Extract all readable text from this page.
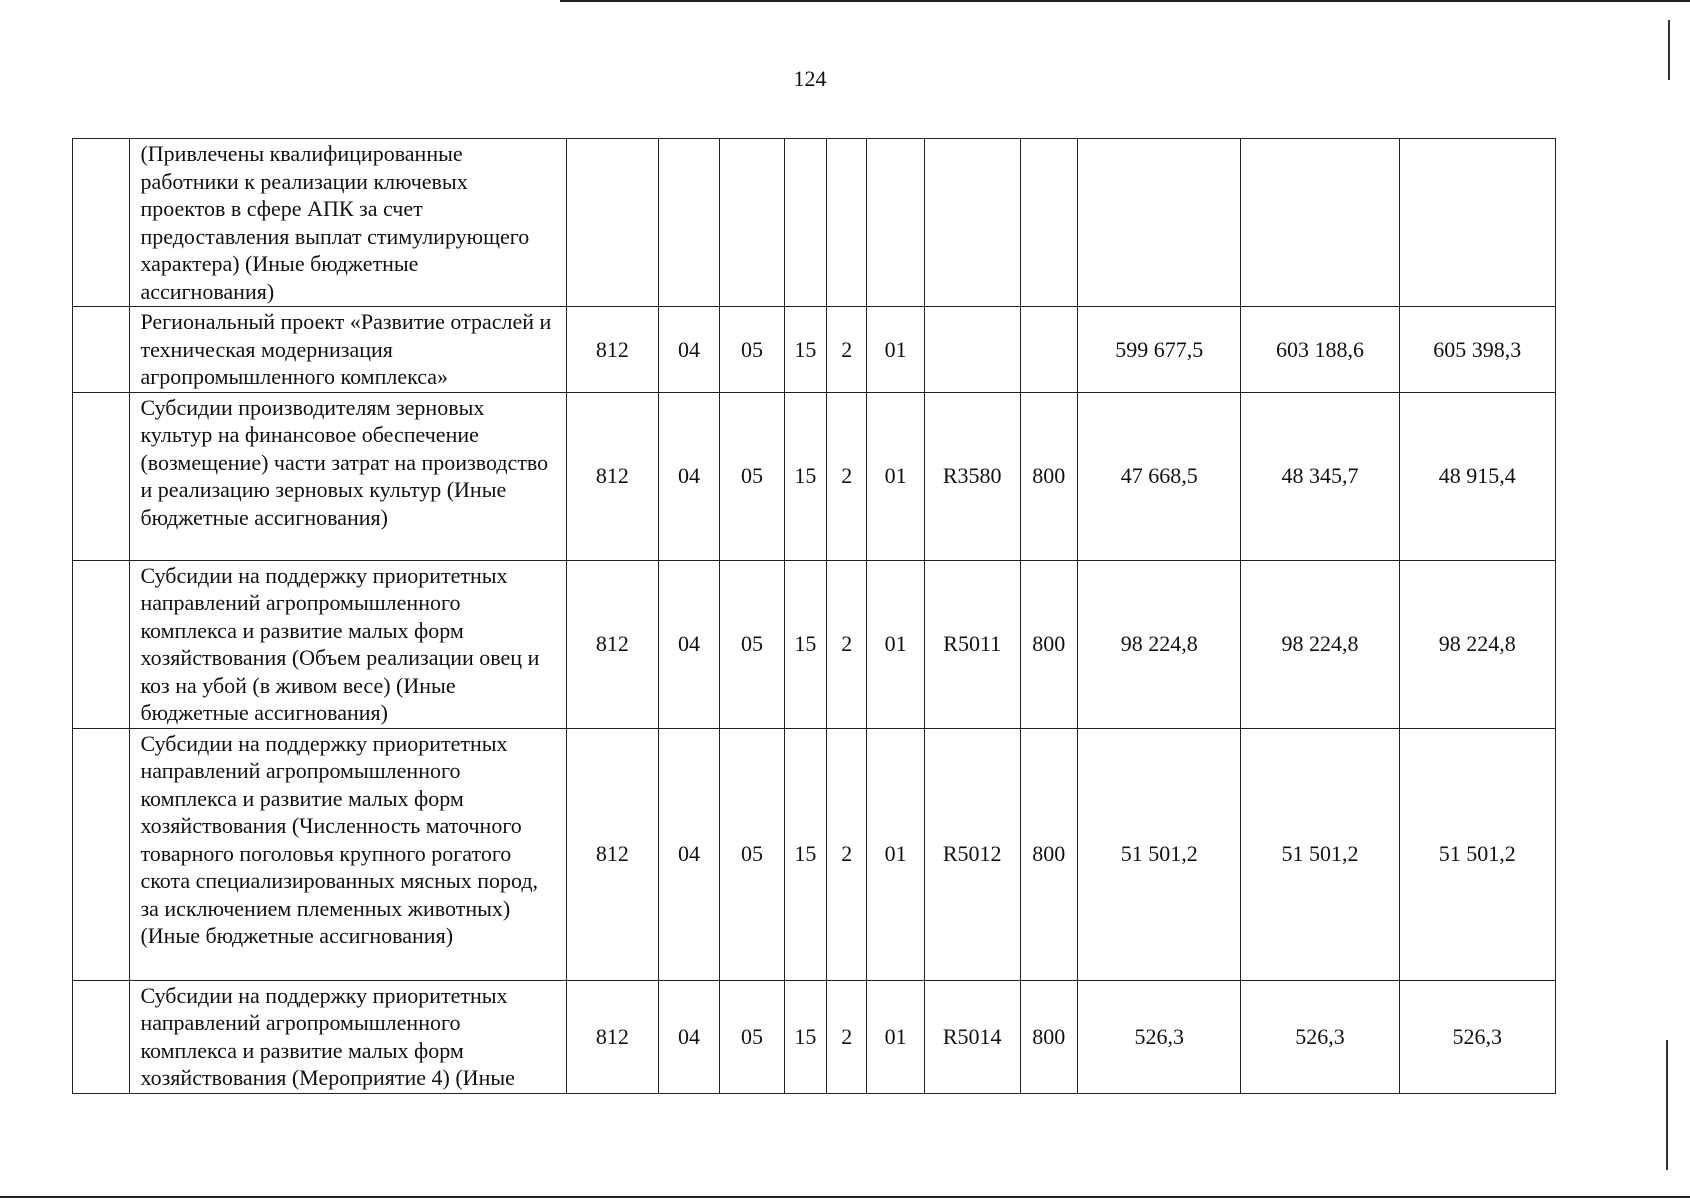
124
	(Привлечены квалифицированные работники к реализации ключевых проектов в сфере АПК за счет предоставления выплат стимулирующего характера) (Иные бюджетные ассигнования)											
	Региональный проект «Развитие отраслей и техническая модернизация агропромышленного комплекса»	812	04	05	15	2	01			599 677,5	603 188,6	605 398,3
	Субсидии производителям зерновых культур на финансовое обеспечение (возмещение) части затрат на производство и реализацию зерновых культур (Иные бюджетные ассигнования)	812	04	05	15	2	01	R3580	800	47 668,5	48 345,7	48 915,4
	Субсидии на поддержку приоритетных направлений агропромышленного комплекса и развитие малых форм хозяйствования (Объем реализации овец и коз на убой (в живом весе) (Иные бюджетные ассигнования)	812	04	05	15	2	01	R5011	800	98 224,8	98 224,8	98 224,8
	Субсидии на поддержку приоритетных направлений агропромышленного комплекса и развитие малых форм хозяйствования (Численность маточного товарного поголовья крупного рогатого скота специализированных мясных пород, за исключением племенных животных) (Иные бюджетные ассигнования)	812	04	05	15	2	01	R5012	800	51 501,2	51 501,2	51 501,2
	Субсидии на поддержку приоритетных направлений агропромышленного комплекса и развитие малых форм хозяйствования (Мероприятие 4) (Иные	812	04	05	15	2	01	R5014	800	526,3	526,3	526,3
